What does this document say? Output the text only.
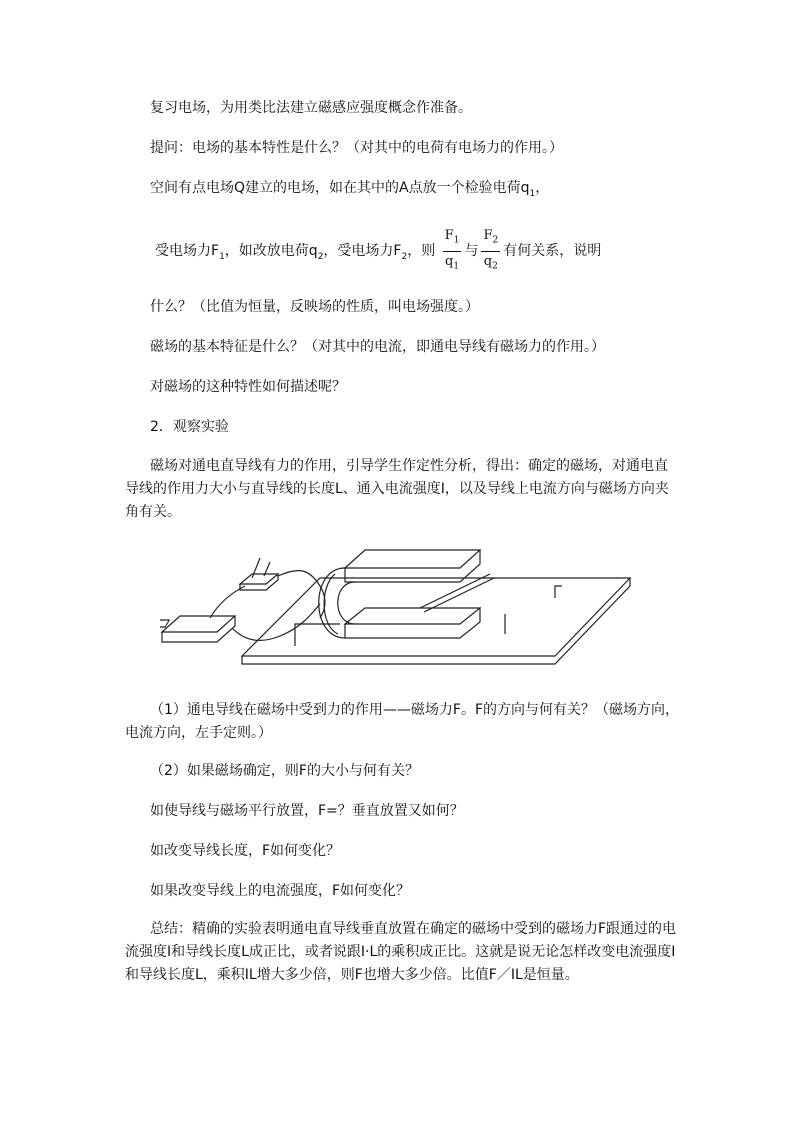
复习电场，为用类比法建立磁感应强度概念作准备。
提问：电场的基本特性是什么？（对其中的电荷有电场力的作用。）
空间有点电场Q建立的电场，如在其中的A点放一个检验电荷$q_1$，
受电场力$F_1$，如改放电荷$q_2$，受电场力$F_2$，则 $\frac{F_1}{q_1}$ 与 $\frac{F_2}{q_2}$ 有何关系，说明
什么？（比值为恒量，反映场的性质，叫电场强度。）
磁场的基本特征是什么？（对其中的电流，即通电导线有磁场力的作用。）
对磁场的这种特性如何描述呢？
2．观察实验
磁场对通电直导线有力的作用，引导学生作定性分析，得出：确定的磁场，对通电直导线的作用力大小与直导线的长度L、通入电流强度I，以及导线上电流方向与磁场方向夹角有关。
（1）通电导线在磁场中受到力的作用——磁场力F。F的方向与何有关？（磁场方向，电流方向，左手定则。）
（2）如果磁场确定，则F的大小与何有关？
如使导线与磁场平行放置，F=？垂直放置又如何？
如改变导线长度，F如何变化？
如果改变导线上的电流强度，F如何变化？
总结：精确的实验表明通电直导线垂直放置在确定的磁场中受到的磁场力F跟通过的电流强度I和导线长度L成正比，或者说跟I·L的乘积成正比。这就是说无论怎样改变电流强度I和导线长度L，乘积IL增大多少倍，则F也增大多少倍。比值F／IL是恒量。
